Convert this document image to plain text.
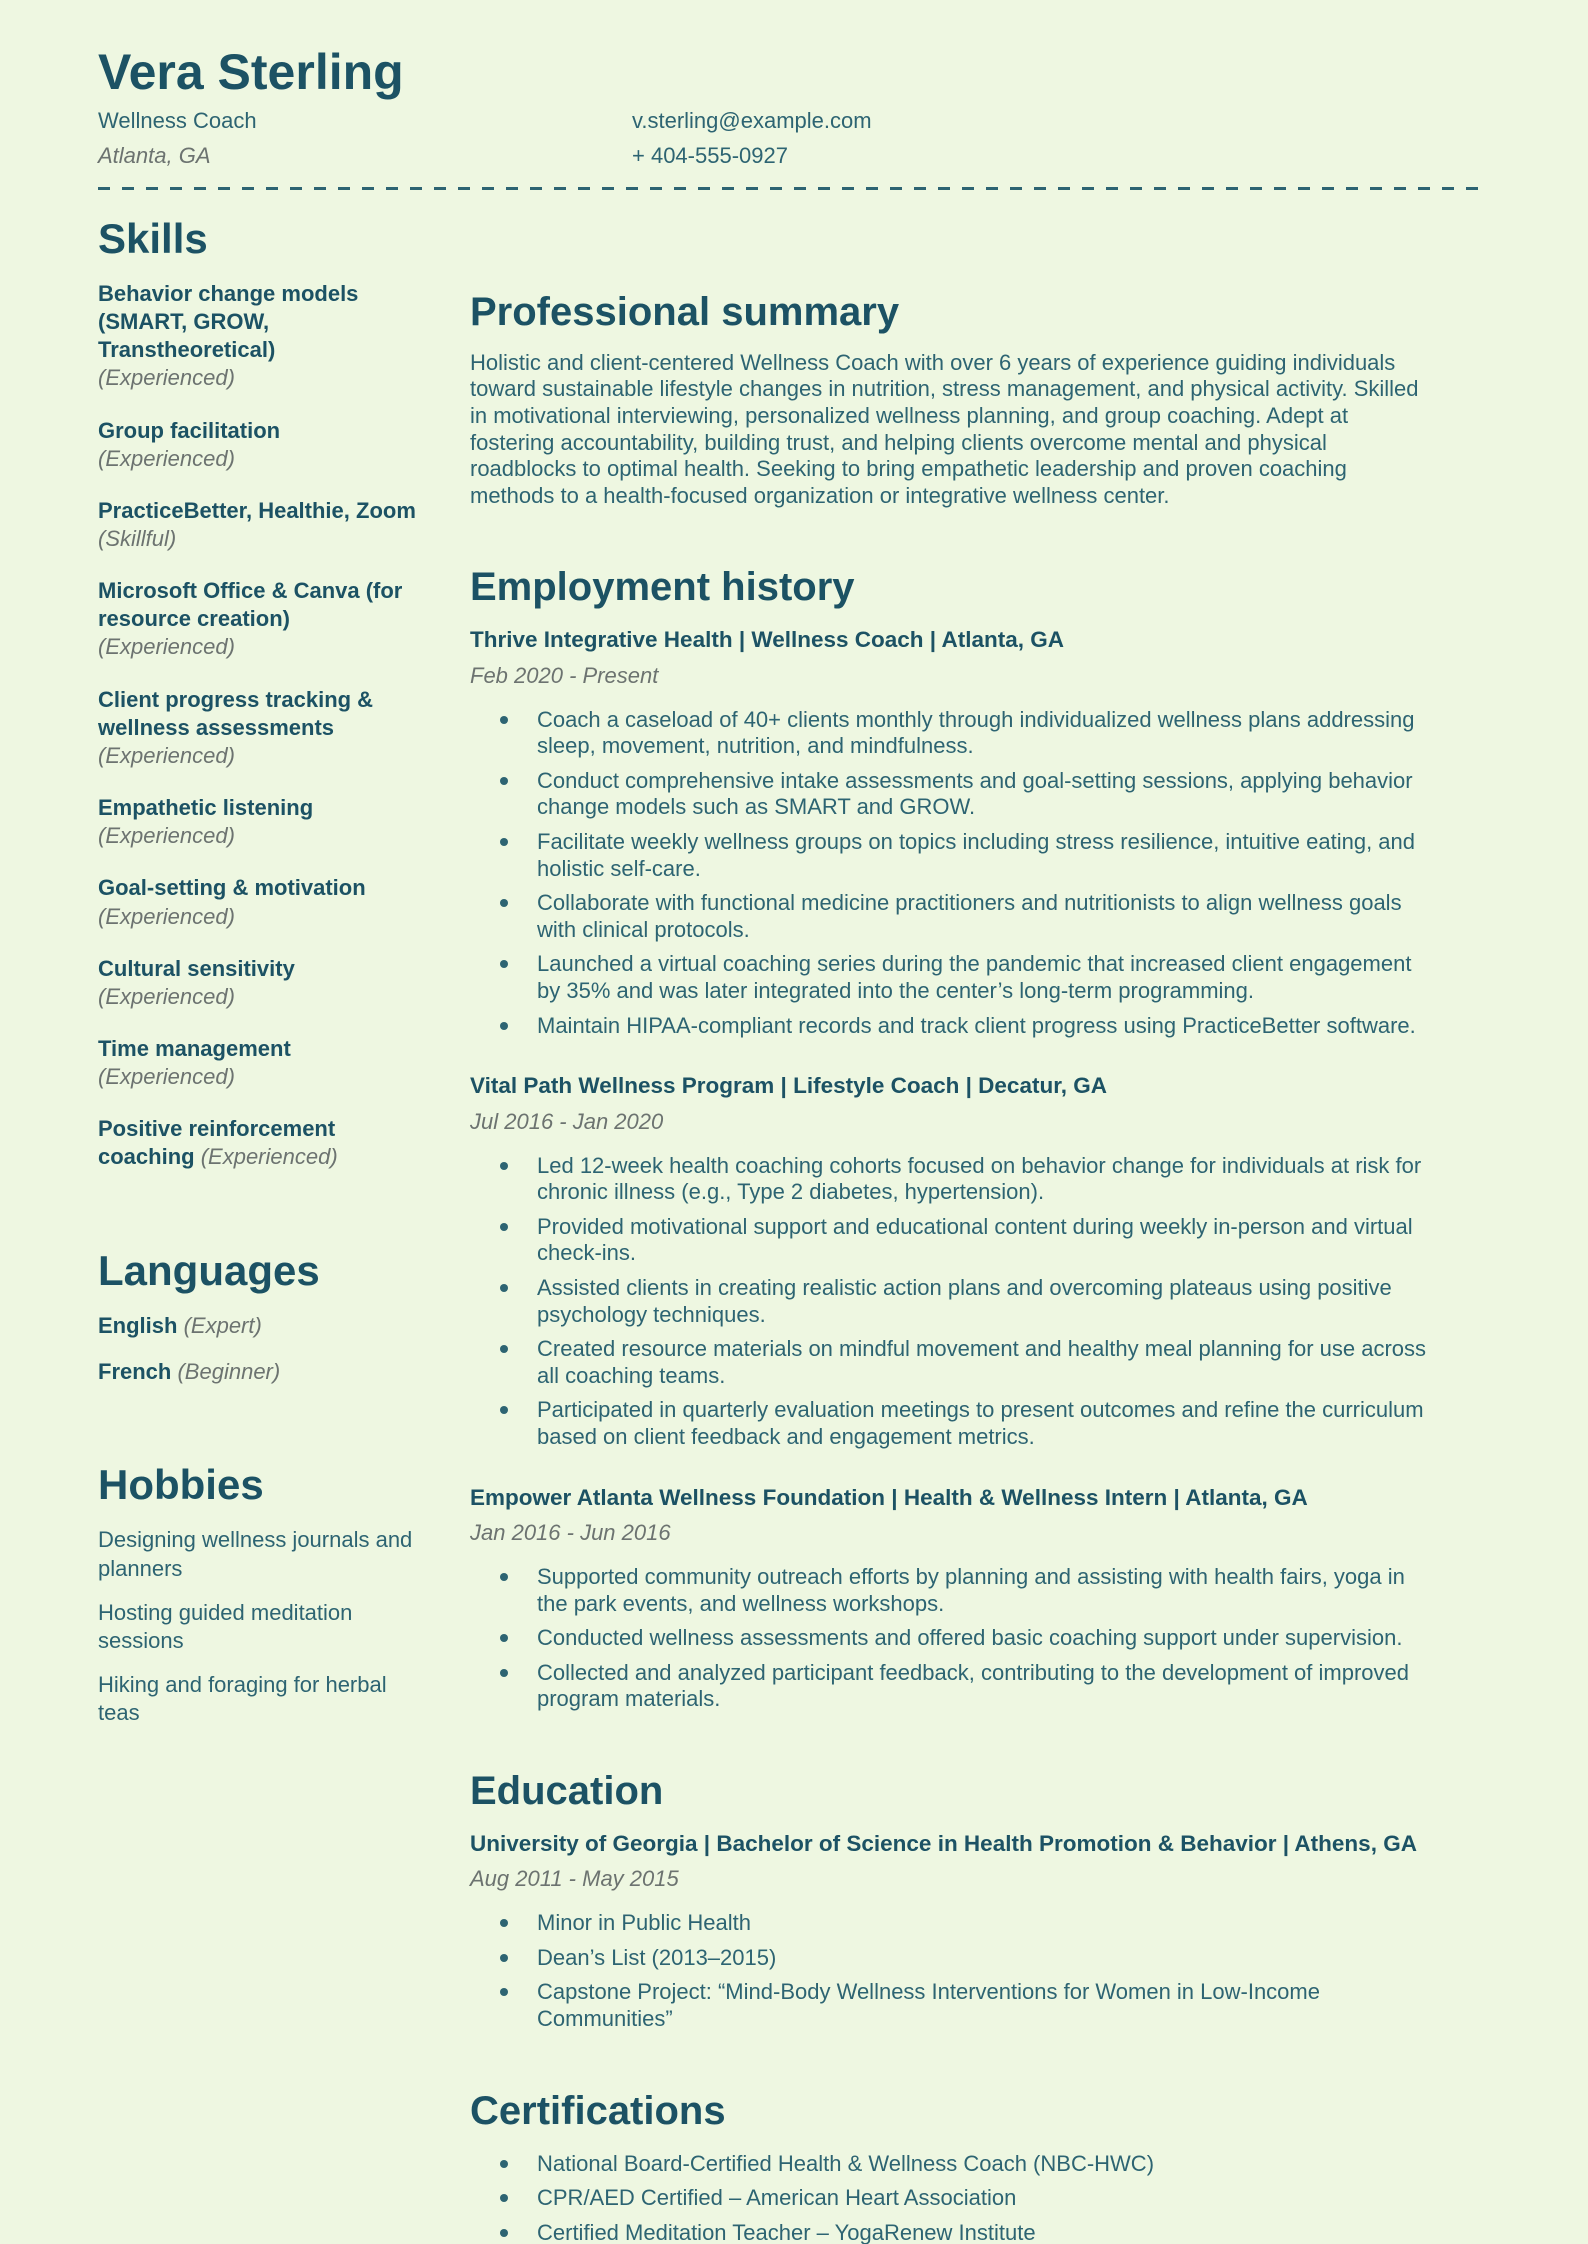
Vera Sterling
Wellness Coach
Atlanta, GA
v.sterling@example.com
+ 404-555-0927
Skills
Behavior change models (SMART, GROW, Transtheoretical) (Experienced)
Group facilitation (Experienced)
PracticeBetter, Healthie, Zoom (Skillful)
Microsoft Office & Canva (for resource creation) (Experienced)
Client progress tracking & wellness assessments (Experienced)
Empathetic listening (Experienced)
Goal-setting & motivation (Experienced)
Cultural sensitivity (Experienced)
Time management (Experienced)
Positive reinforcement coaching (Experienced)
Languages
English (Expert)
French (Beginner)
Hobbies
Designing wellness journals and planners
Hosting guided meditation sessions
Hiking and foraging for herbal teas
Professional summary

Holistic and client-centered Wellness Coach with over 6 years of experience guiding individuals toward sustainable lifestyle changes in nutrition, stress management, and physical activity. Skilled in motivational interviewing, personalized wellness planning, and group coaching. Adept at fostering accountability, building trust, and helping clients overcome mental and physical roadblocks to optimal health. Seeking to bring empathetic leadership and proven coaching methods to a health-focused organization or integrative wellness center.

Employment history
Thrive Integrative Health | Wellness Coach | Atlanta, GA
Feb 2020 - Present
Coach a caseload of 40+ clients monthly through individualized wellness plans addressing sleep, movement, nutrition, and mindfulness.
Conduct comprehensive intake assessments and goal-setting sessions, applying behavior change models such as SMART and GROW.
Facilitate weekly wellness groups on topics including stress resilience, intuitive eating, and holistic self-care.
Collaborate with functional medicine practitioners and nutritionists to align wellness goals with clinical protocols.
Launched a virtual coaching series during the pandemic that increased client engagement by 35% and was later integrated into the center’s long-term programming.
Maintain HIPAA-compliant records and track client progress using PracticeBetter software.
Vital Path Wellness Program | Lifestyle Coach | Decatur, GA
Jul 2016 - Jan 2020
Led 12-week health coaching cohorts focused on behavior change for individuals at risk for chronic illness (e.g., Type 2 diabetes, hypertension).
Provided motivational support and educational content during weekly in-person and virtual check-ins.
Assisted clients in creating realistic action plans and overcoming plateaus using positive psychology techniques.
Created resource materials on mindful movement and healthy meal planning for use across all coaching teams.
Participated in quarterly evaluation meetings to present outcomes and refine the curriculum based on client feedback and engagement metrics.
Empower Atlanta Wellness Foundation | Health & Wellness Intern | Atlanta, GA
Jan 2016 - Jun 2016
Supported community outreach efforts by planning and assisting with health fairs, yoga in the park events, and wellness workshops.
Conducted wellness assessments and offered basic coaching support under supervision.
Collected and analyzed participant feedback, contributing to the development of improved program materials.
Education
University of Georgia | Bachelor of Science in Health Promotion & Behavior | Athens, GA
Aug 2011 - May 2015
Minor in Public Health
Dean’s List (2013–2015)
Capstone Project: “Mind-Body Wellness Interventions for Women in Low-Income Communities”
Certifications
National Board-Certified Health & Wellness Coach (NBC-HWC)
CPR/AED Certified – American Heart Association
Certified Meditation Teacher – YogaRenew Institute
